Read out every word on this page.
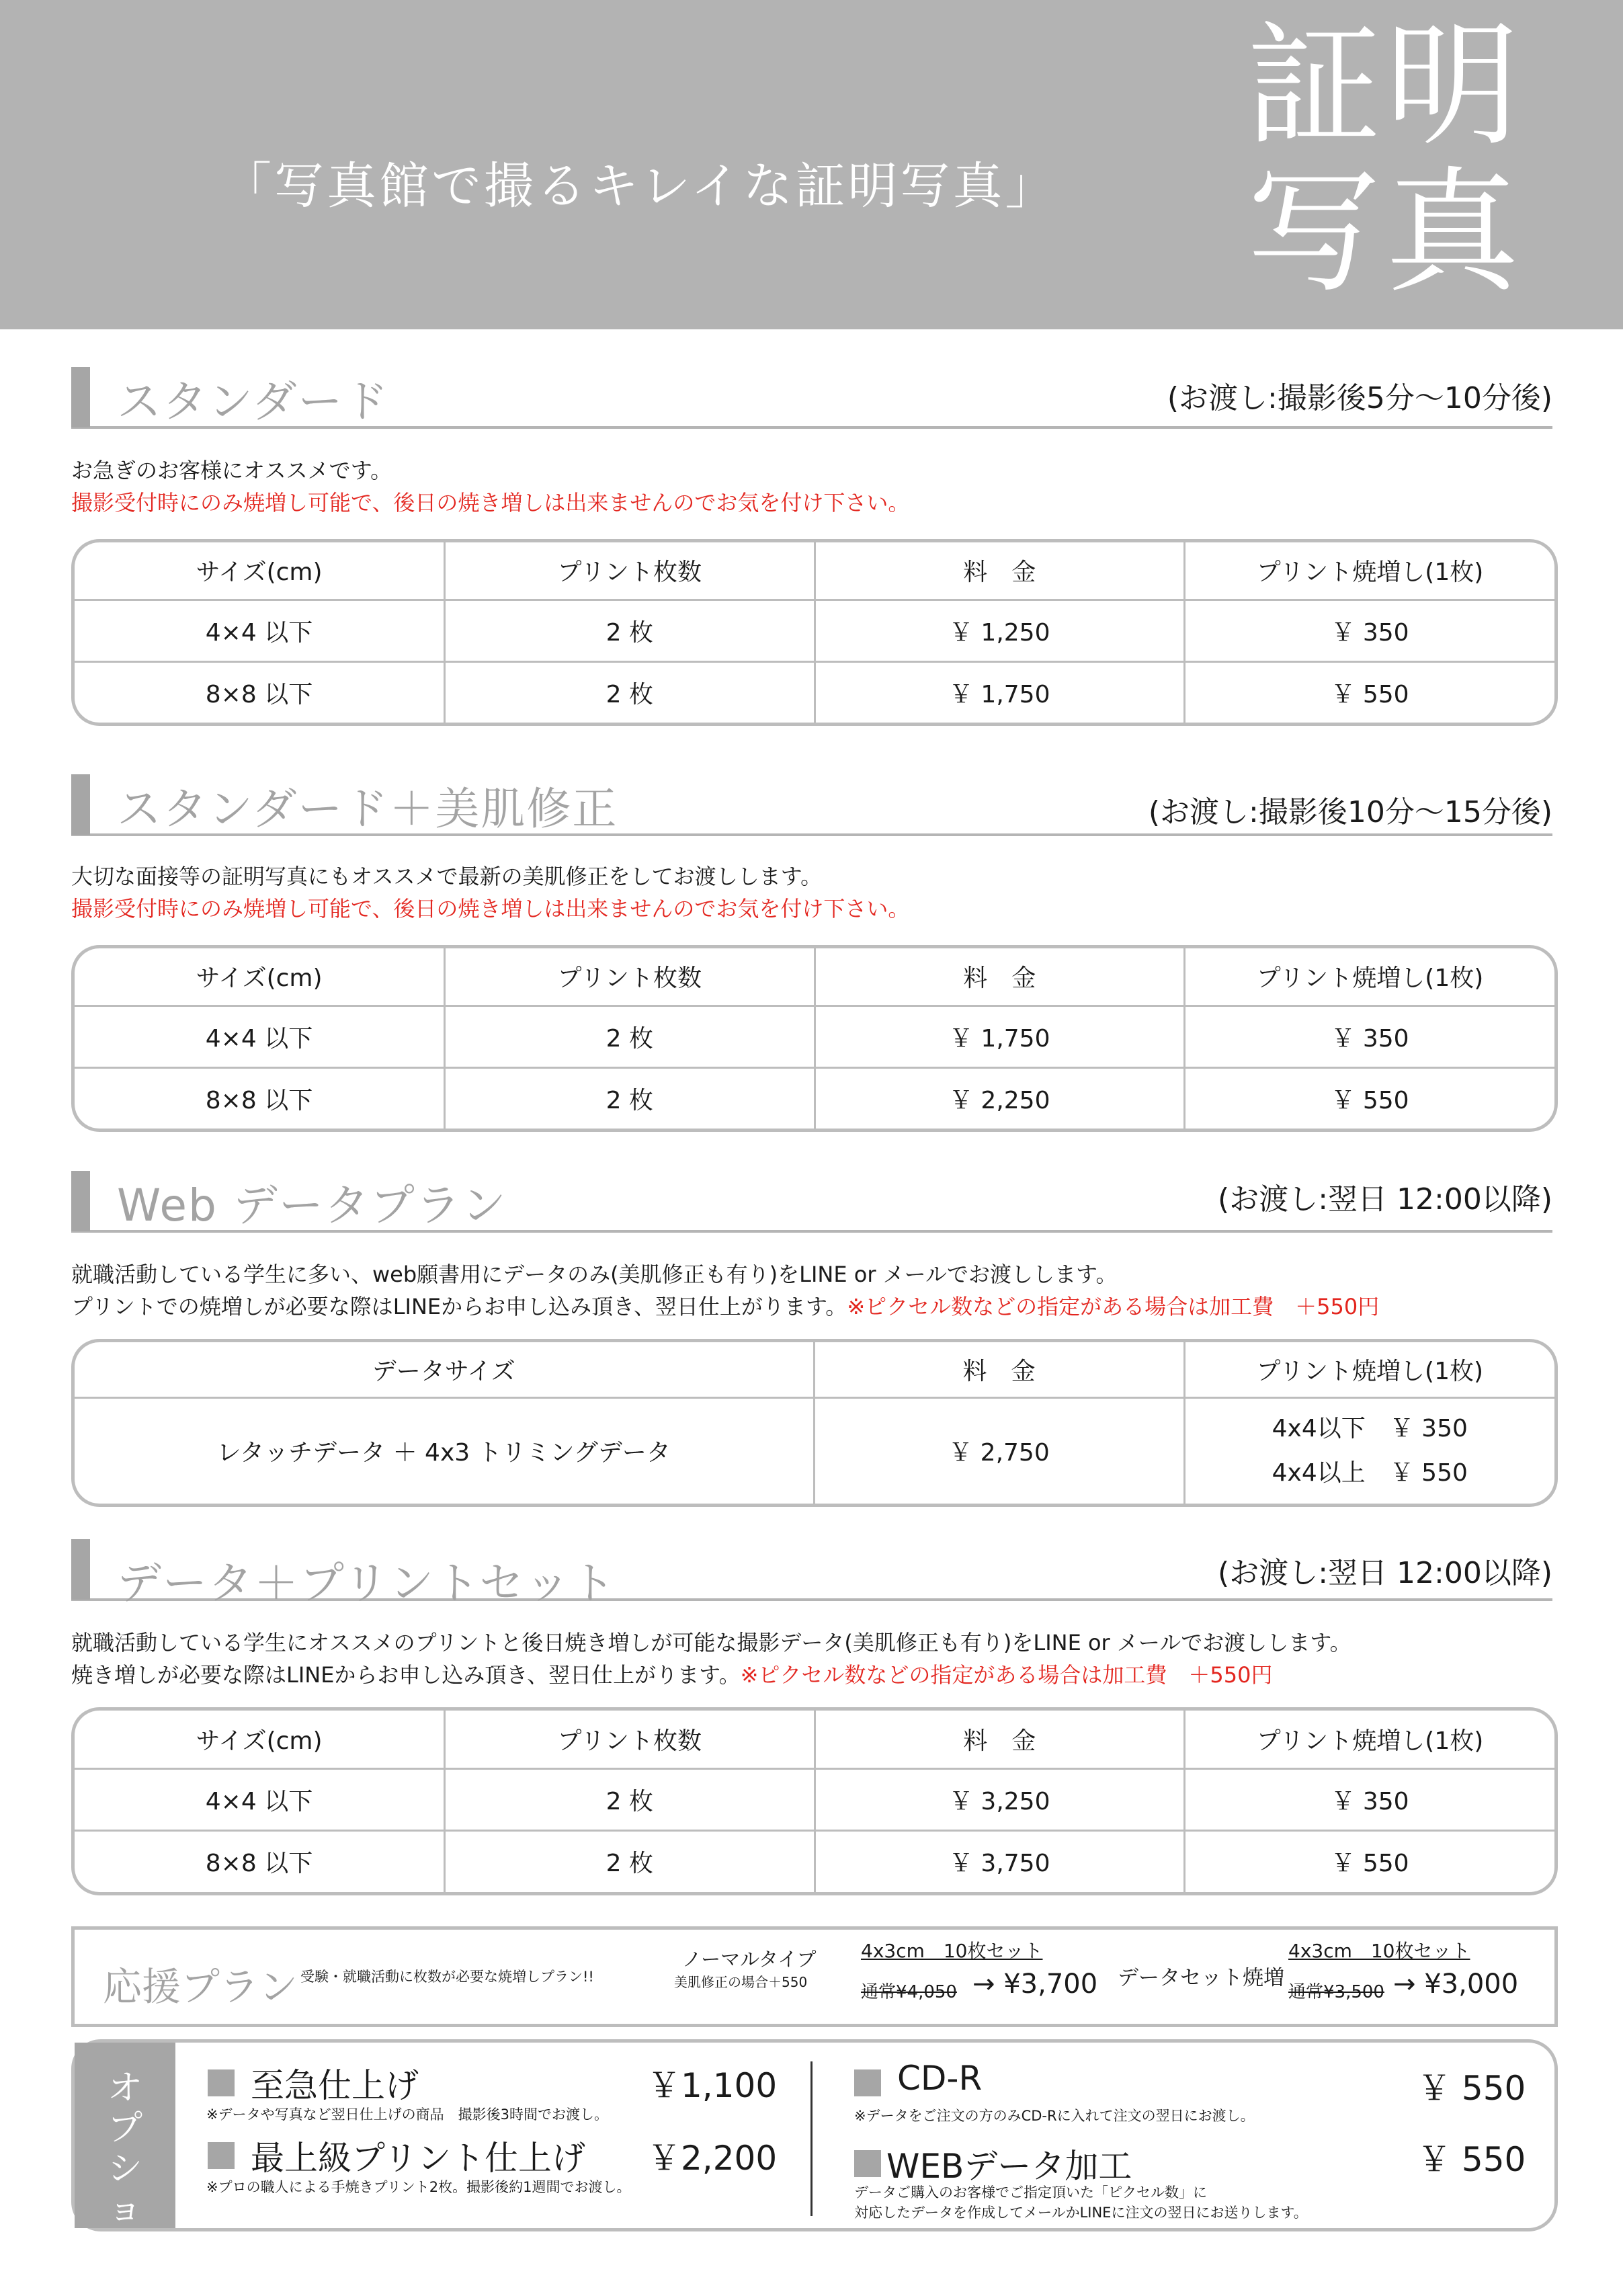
「写真館で撮るキレイな証明写真」
証明
写真
スタンダード	(お渡し:撮影後5分〜10分後)
お急ぎのお客様にオススメです。
撮影受付時にのみ焼増し可能で、後日の焼き増しは出来ませんのでお気を付け下さい。
サイズ(cm)	プリント枚数	料　金	プリント焼増し(1枚)
4×4 以下	2 枚	￥ 1,250	￥ 350
8×8 以下	2 枚	￥ 1,750	￥ 550
スタンダード＋美肌修正	(お渡し:撮影後10分〜15分後)
大切な面接等の証明写真にもオススメで最新の美肌修正をしてお渡しします。
撮影受付時にのみ焼増し可能で、後日の焼き増しは出来ませんのでお気を付け下さい。
サイズ(cm)	プリント枚数	料　金	プリント焼増し(1枚)
4×4 以下	2 枚	￥ 1,750	￥ 350
8×8 以下	2 枚	￥ 2,250	￥ 550
Web データプラン	(お渡し:翌日 12:00以降)
就職活動している学生に多い、web願書用にデータのみ(美肌修正も有り)をLINE or メールでお渡しします。
プリントでの焼増しが必要な際はLINEからお申し込み頂き、翌日仕上がります。※ピクセル数などの指定がある場合は加工費　＋550円
データサイズ	料　金	プリント焼増し(1枚)
レタッチデータ ＋ 4x3 トリミングデータ	￥ 2,750	4x4以下　￥ 350
4x4以上　￥ 550
データ＋プリントセット	(お渡し:翌日 12:00以降)
就職活動している学生にオススメのプリントと後日焼き増しが可能な撮影データ(美肌修正も有り)をLINE or メールでお渡しします。
焼き増しが必要な際はLINEからお申し込み頂き、翌日仕上がります。※ピクセル数などの指定がある場合は加工費　＋550円
サイズ(cm)	プリント枚数	料　金	プリント焼増し(1枚)
4×4 以下	2 枚	￥ 3,250	￥ 350
8×8 以下	2 枚	￥ 3,750	￥ 550
応援プラン 受験・就職活動に枚数が必要な焼増しプラン!!
ノーマルタイプ
美肌修正の場合＋550
4x3cm　10枚セット
通常¥4,050 → ¥3,700 データセット焼増
4x3cm　10枚セット
通常¥3,500 → ¥3,000
オ
プ
シ
ョ
ン
至急仕上げ	￥1,100
※データや写真など翌日仕上げの商品　撮影後3時間でお渡し。
最上級プリント仕上げ ￥2,200
※プロの職人による手焼きプリント2枚。撮影後約1週間でお渡し。
CD-R	￥ 550
※データをご注文の方のみCD-Rに入れて注文の翌日にお渡し。
WEBデータ加工	￥ 550
データご購入のお客様でご指定頂いた「ピクセル数」に
対応したデータを作成してメールかLINEに注文の翌日にお送りします。
